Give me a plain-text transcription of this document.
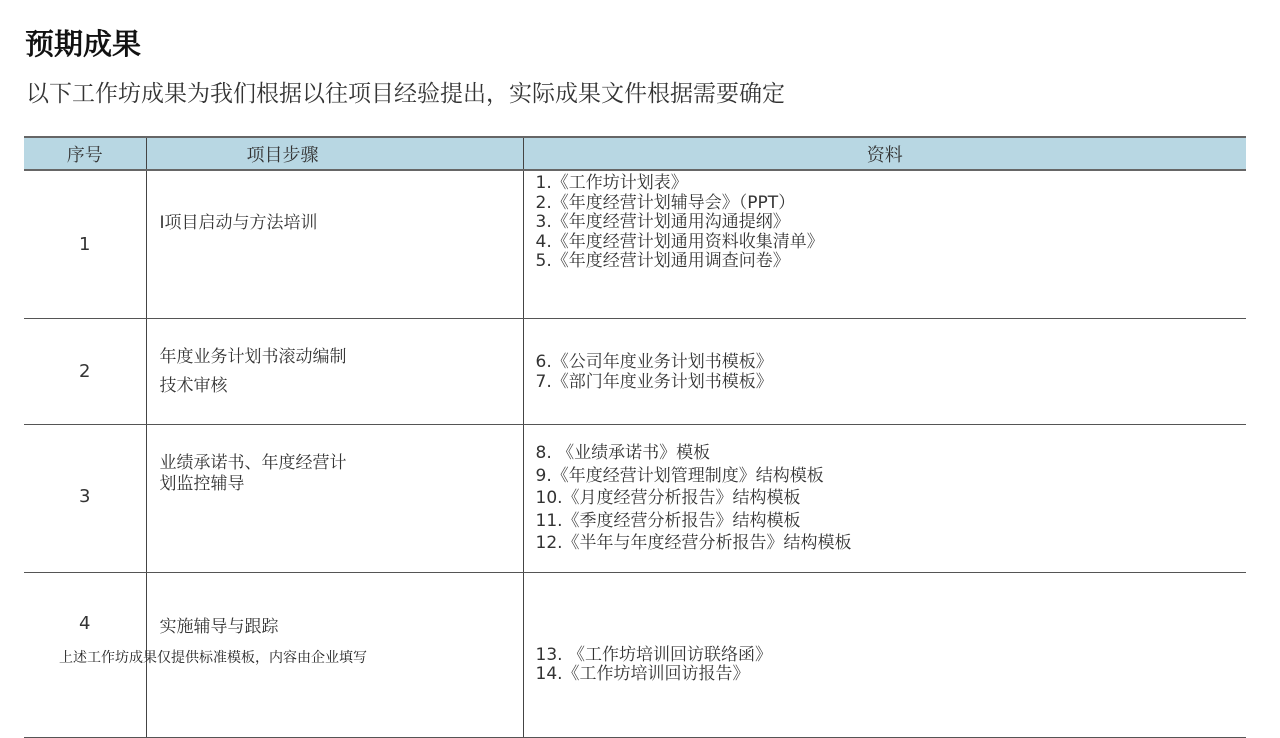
预期成果
以下工作坊成果为我们根据以往项目经验提出，实际成果文件根据需要确定
序号	项目步骤	资料
1	I项目启动与方法培训	1.《工作坊计划表》
2.《年度经营计划辅导会》（PPT）
3.《年度经营计划通用沟通提纲》
4.《年度经营计划通用资料收集清单》
5.《年度经营计划通用调查问卷》

2	年度业务计划书滚动编制
技术审核	6.《公司年度业务计划书模板》
7.《部门年度业务计划书模板》

3	业绩承诺书、年度经营计
划监控辅导	8. 《业绩承诺书》模板
9.《年度经营计划管理制度》结构模板
10.《月度经营分析报告》结构模板
11.《季度经营分析报告》结构模板
12.《半年与年度经营分析报告》结构模板

4	实施辅导与跟踪	13. 《工作坊培训回访联络函》
14.《工作坊培训回访报告》
上述工作坊成果仅提供标准模板，内容由企业填写
